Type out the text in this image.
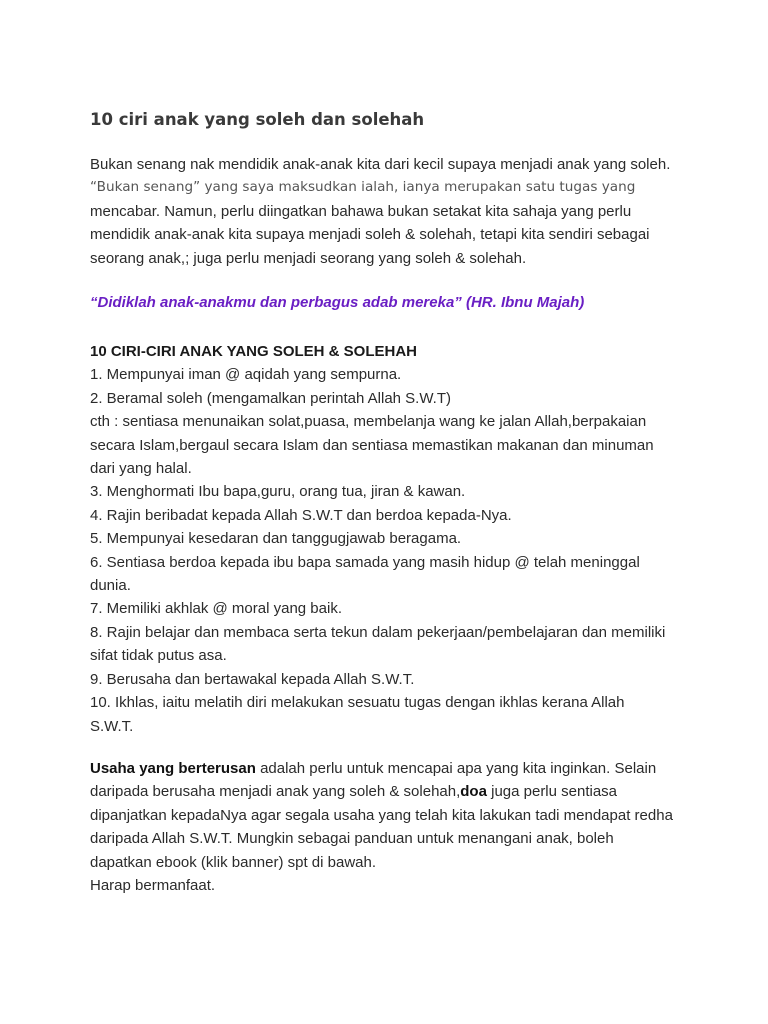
10 ciri anak yang soleh dan solehah

Bukan senang nak mendidik anak-anak kita dari kecil supaya menjadi anak yang soleh.
“Bukan senang” yang saya maksudkan ialah, ianya merupakan satu tugas yang
mencabar. Namun, perlu diingatkan bahawa bukan setakat kita sahaja yang perlu
mendidik anak-anak kita supaya menjadi soleh & solehah, tetapi kita sendiri sebagai
seorang anak,; juga perlu menjadi seorang yang soleh & solehah.

“Didiklah anak-anakmu dan perbagus adab mereka” (HR. Ibnu Majah)

10 CIRI-CIRI ANAK YANG SOLEH & SOLEHAH
1. Mempunyai iman @ aqidah yang sempurna.
2. Beramal soleh (mengamalkan perintah Allah S.W.T)
cth : sentiasa menunaikan solat,puasa, membelanja wang ke jalan Allah,berpakaian
secara Islam,bergaul secara Islam dan sentiasa memastikan makanan dan minuman
dari yang halal.
3. Menghormati Ibu bapa,guru, orang tua, jiran & kawan.
4. Rajin beribadat kepada Allah S.W.T dan berdoa kepada-Nya.
5. Mempunyai kesedaran dan tanggugjawab beragama.
6. Sentiasa berdoa kepada ibu bapa samada yang masih hidup @ telah meninggal
dunia.
7. Memiliki akhlak @ moral yang baik.
8. Rajin belajar dan membaca serta tekun dalam pekerjaan/pembelajaran dan memiliki
sifat tidak putus asa.
9. Berusaha dan bertawakal kepada Allah S.W.T.
10. Ikhlas, iaitu melatih diri melakukan sesuatu tugas dengan ikhlas kerana Allah
S.W.T.
Usaha yang berterusan adalah perlu untuk mencapai apa yang kita inginkan. Selain
daripada berusaha menjadi anak yang soleh & solehah,doa juga perlu sentiasa
dipanjatkan kepadaNya agar segala usaha yang telah kita lakukan tadi mendapat redha
daripada Allah S.W.T. Mungkin sebagai panduan untuk menangani anak, boleh
dapatkan ebook (klik banner) spt di bawah.
Harap bermanfaat.
